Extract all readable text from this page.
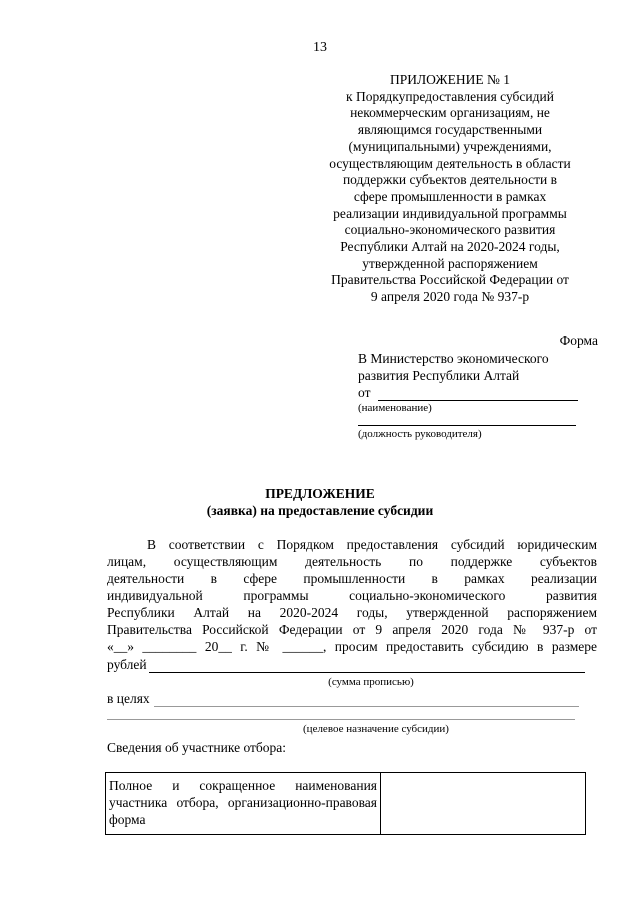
13
ПРИЛОЖЕНИЕ № 1
к Порядкупредоставления субсидий
некоммерческим организациям, не
являющимся государственными
(муниципальными) учреждениями,
осуществляющим деятельность в области
поддержки субъектов деятельности в
сфере промышленности в рамках
реализации индивидуальной программы
социально-экономического развития
Республики Алтай на 2020-2024 годы,
утвержденной распоряжением
Правительства Российской Федерации от
9 апреля 2020 года № 937-р
Форма
В Министерство экономического
развития Республики Алтай
от
(наименование)
(должность руководителя)
ПРЕДЛОЖЕНИЕ
(заявка) на предоставление субсидии
В соответствии с Порядком предоставления субсидий юридическим
лицам, осуществляющим деятельность по поддержке субъектов
деятельности в сфере промышленности в рамках реализации
индивидуальной программы социально-экономического развития
Республики Алтай на 2020-2024 годы, утвержденной распоряжением
Правительства Российской Федерации от 9 апреля 2020 года № 937-р от
«__» ________ 20__ г. № ______, просим предоставить субсидию в размере
рублей
(сумма прописью)
в целях
(целевое назначение субсидии)
Сведения об участнике отбора:
Полное и сокращенное наименования участника отбора, организационно-правовая форма	
